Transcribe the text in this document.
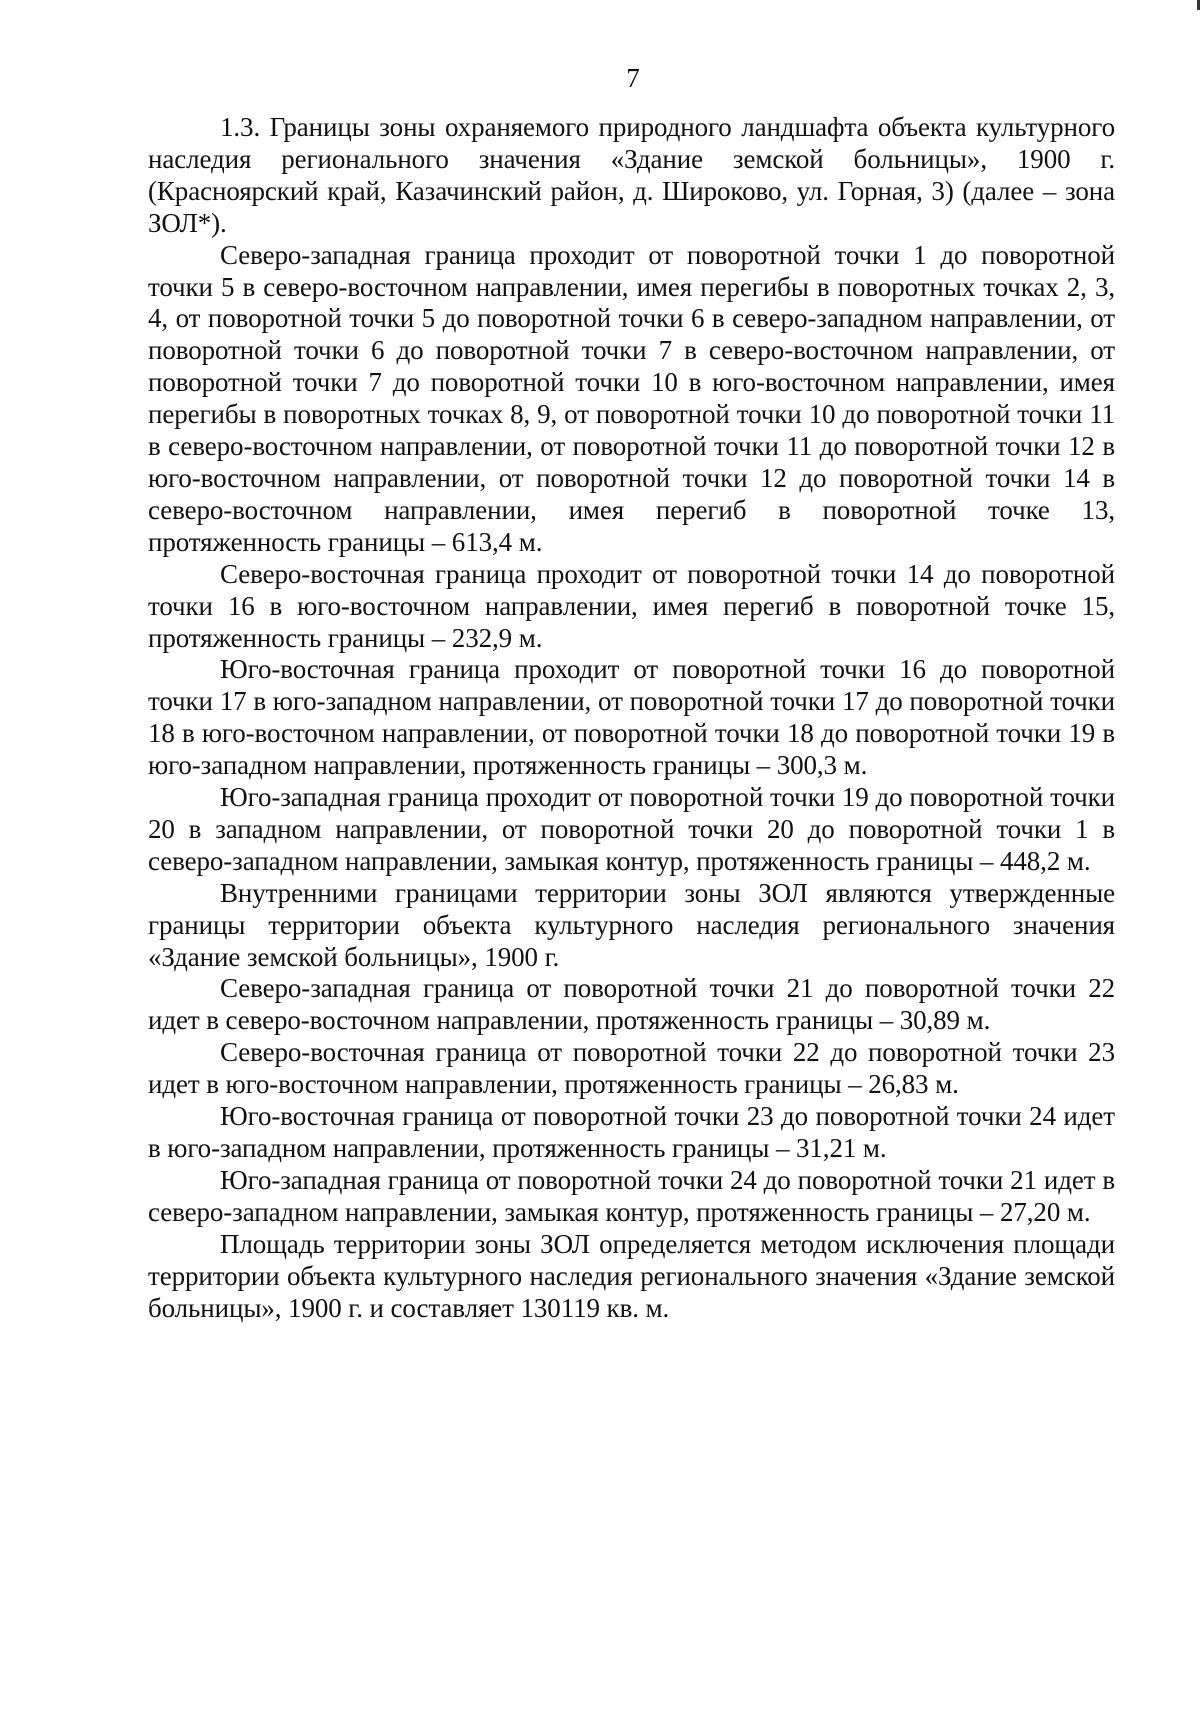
7

1.3. Границы зоны охраняемого природного ландшафта объекта культурного наследия регионального значения «Здание земской больницы», 1900 г. (Красноярский край, Казачинский район, д. Широково, ул. Горная, 3) (далее – зона ЗОЛ*).

Северо-западная граница проходит от поворотной точки 1 до поворотной точки 5 в северо-восточном направлении, имея перегибы в поворотных точках 2, 3, 4, от поворотной точки 5 до поворотной точки 6 в северо-западном направлении, от поворотной точки 6 до поворотной точки 7 в северо-восточном направлении, от поворотной точки 7 до поворотной точки 10 в юго-восточном направлении, имея перегибы в поворотных точках 8, 9, от поворотной точки 10 до поворотной точки 11 в северо-восточном направлении, от поворотной точки 11 до поворотной точки 12 в юго-восточном направлении, от поворотной точки 12 до поворотной точки 14 в северо-восточном направлении, имея перегиб в поворотной точке 13, протяженность границы – 613,4 м.

Северо-восточная граница проходит от поворотной точки 14 до поворотной точки 16 в юго-восточном направлении, имея перегиб в поворотной точке 15, протяженность границы – 232,9 м.

Юго-восточная граница проходит от поворотной точки 16 до поворотной точки 17 в юго-западном направлении, от поворотной точки 17 до поворотной точки 18 в юго-восточном направлении, от поворотной точки 18 до поворотной точки 19 в юго-западном направлении, протяженность границы – 300,3 м.

Юго-западная граница проходит от поворотной точки 19 до поворотной точки 20 в западном направлении, от поворотной точки 20 до поворотной точки 1 в северо-западном направлении, замыкая контур, протяженность границы – 448,2 м.

Внутренними границами территории зоны ЗОЛ являются утвержденные границы территории объекта культурного наследия регионального значения «Здание земской больницы», 1900 г.

Северо-западная граница от поворотной точки 21 до поворотной точки 22 идет в северо-восточном направлении, протяженность границы – 30,89 м.

Северо-восточная граница от поворотной точки 22 до поворотной точки 23 идет в юго-восточном направлении, протяженность границы – 26,83 м.

Юго-восточная граница от поворотной точки 23 до поворотной точки 24 идет в юго-западном направлении, протяженность границы – 31,21 м.

Юго-западная граница от поворотной точки 24 до поворотной точки 21 идет в северо-западном направлении, замыкая контур, протяженность границы – 27,20 м.

Площадь территории зоны ЗОЛ определяется методом исключения площади территории объекта культурного наследия регионального значения «Здание земской больницы», 1900 г. и составляет 130119 кв. м.
